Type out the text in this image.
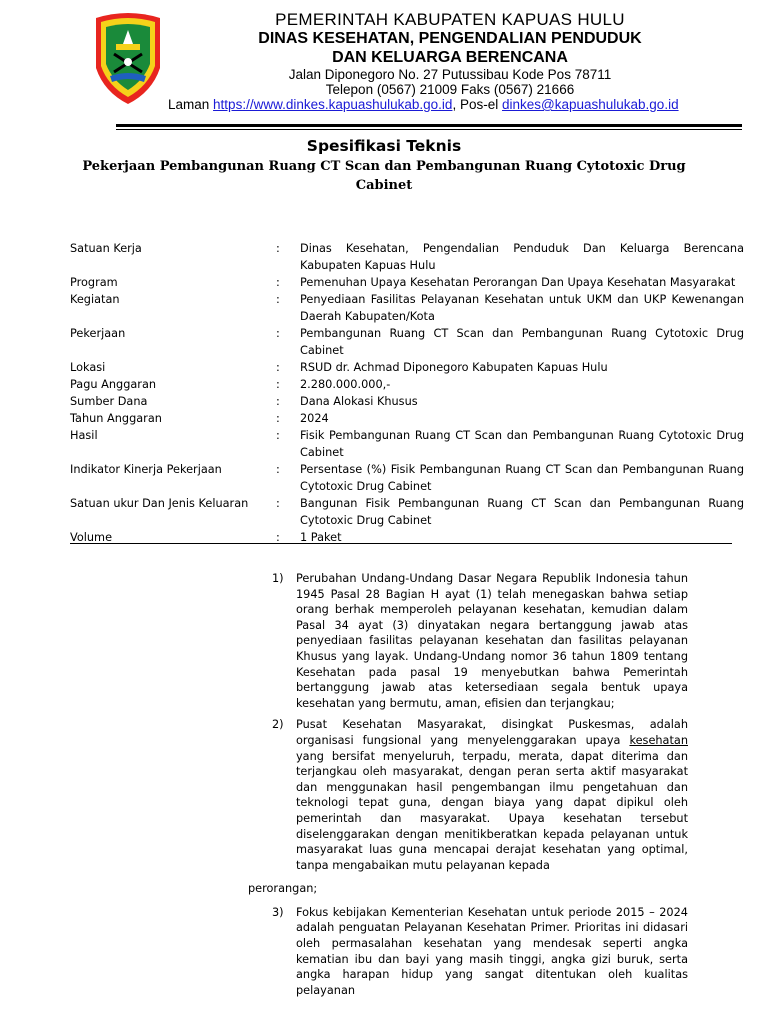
PEMERINTAH KABUPATEN KAPUAS HULU
DINAS KESEHATAN, PENGENDALIAN PENDUDUK
DAN KELUARGA BERENCANA
Jalan Diponegoro No. 27 Putussibau Kode Pos 78711
Telepon (0567) 21009 Faks (0567) 21666
Laman https://www.dinkes.kapuashulukab.go.id, Pos-el dinkes@kapuashulukab.go.id
Spesifikasi Teknis
Pekerjaan Pembangunan Ruang CT Scan dan Pembangunan Ruang Cytotoxic Drug Cabinet
Satuan Kerja	:	Dinas Kesehatan, Pengendalian Penduduk Dan Keluarga Berencana Kabupaten Kapuas Hulu
Program	:	Pemenuhan Upaya Kesehatan Perorangan Dan Upaya Kesehatan Masyarakat
Kegiatan	:	Penyediaan Fasilitas Pelayanan Kesehatan untuk UKM dan UKP Kewenangan Daerah Kabupaten/Kota
Pekerjaan	:	Pembangunan Ruang CT Scan dan Pembangunan Ruang Cytotoxic Drug Cabinet
Lokasi	:	RSUD dr. Achmad Diponegoro Kabupaten Kapuas Hulu
Pagu Anggaran	:	2.280.000.000,-
Sumber Dana	:	Dana Alokasi Khusus
Tahun Anggaran	:	2024
Hasil	:	Fisik Pembangunan Ruang CT Scan dan Pembangunan Ruang Cytotoxic Drug Cabinet
Indikator Kinerja Pekerjaan	:	Persentase (%) Fisik Pembangunan Ruang CT Scan dan Pembangunan Ruang Cytotoxic Drug Cabinet
Satuan ukur Dan Jenis Keluaran	:	Bangunan Fisik Pembangunan Ruang CT Scan dan Pembangunan Ruang Cytotoxic Drug Cabinet
Volume	:	1 Paket
1)	Perubahan Undang-Undang Dasar Negara Republik Indonesia tahun 1945 Pasal 28 Bagian H ayat (1) telah menegaskan bahwa setiap orang berhak memperoleh pelayanan kesehatan, kemudian dalam Pasal 34 ayat (3) dinyatakan negara bertanggung jawab atas penyediaan fasilitas pelayanan kesehatan dan fasilitas pelayanan Khusus yang layak. Undang-Undang nomor 36 tahun 1809 tentang Kesehatan pada pasal 19 menyebutkan bahwa Pemerintah bertanggung jawab atas ketersediaan segala bentuk upaya kesehatan yang bermutu, aman, efisien dan terjangkau;
2)	Pusat Kesehatan Masyarakat, disingkat Puskesmas, adalah organisasi fungsional yang menyelenggarakan upaya kesehatan yang bersifat menyeluruh, terpadu, merata, dapat diterima dan terjangkau oleh masyarakat, dengan peran serta aktif masyarakat dan menggunakan hasil pengembangan ilmu pengetahuan dan teknologi tepat guna, dengan biaya yang dapat dipikul oleh pemerintah dan masyarakat. Upaya kesehatan tersebut diselenggarakan dengan menitikberatkan kepada pelayanan untuk masyarakat luas guna mencapai derajat kesehatan yang optimal, tanpa mengabaikan mutu pelayanan kepada
perorangan;
3)	Fokus kebijakan Kementerian Kesehatan untuk periode 2015 – 2024 adalah penguatan Pelayanan Kesehatan Primer. Prioritas ini didasari oleh permasalahan kesehatan yang mendesak seperti angka kematian ibu dan bayi yang masih tinggi, angka gizi buruk, serta angka harapan hidup yang sangat ditentukan oleh kualitas pelayanan
